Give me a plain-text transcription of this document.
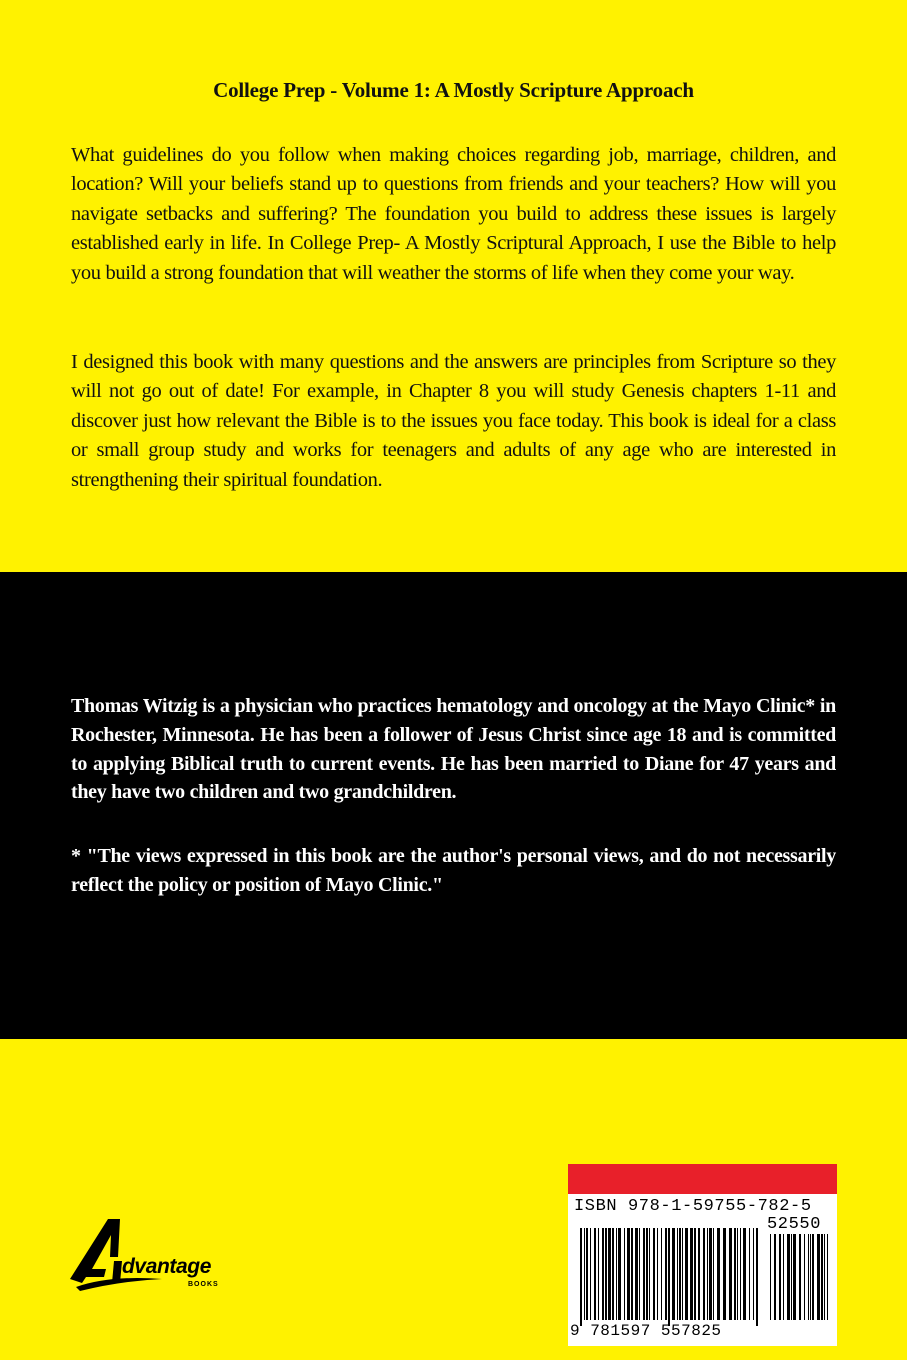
College Prep - Volume 1: A Mostly Scripture Approach
What guidelines do you follow when making choices regarding job, marriage, children, and location? Will your beliefs stand up to questions from friends and your teachers? How will you navigate setbacks and suffering? The foundation you build to address these issues is largely established early in life. In College Prep- A Mostly Scriptural Approach, I use the Bible to help you build a strong foundation that will weather the storms of life when they come your way.
I designed this book with many questions and the answers are principles from Scripture so they will not go out of date! For example, in Chapter 8 you will study Genesis chapters 1-11 and discover just how relevant the Bible is to the issues you face today. This book is ideal for a class or small group study and works for teenagers and adults of any age who are interested in strengthening their spiritual foundation.
Thomas Witzig is a physician who practices hematology and oncology at the Mayo Clinic* in Rochester, Minnesota. He has been a follower of Jesus Christ since age 18 and is committed to applying Biblical truth to current events. He has been married to Diane for 47 years and they have two children and two grandchildren.
* "The views expressed in this book are the author's personal views, and do not necessarily reflect the policy or position of Mayo Clinic."
dvantage
BOOKS
ISBN 978-1-59755-782-5
52550
9 781597 557825
